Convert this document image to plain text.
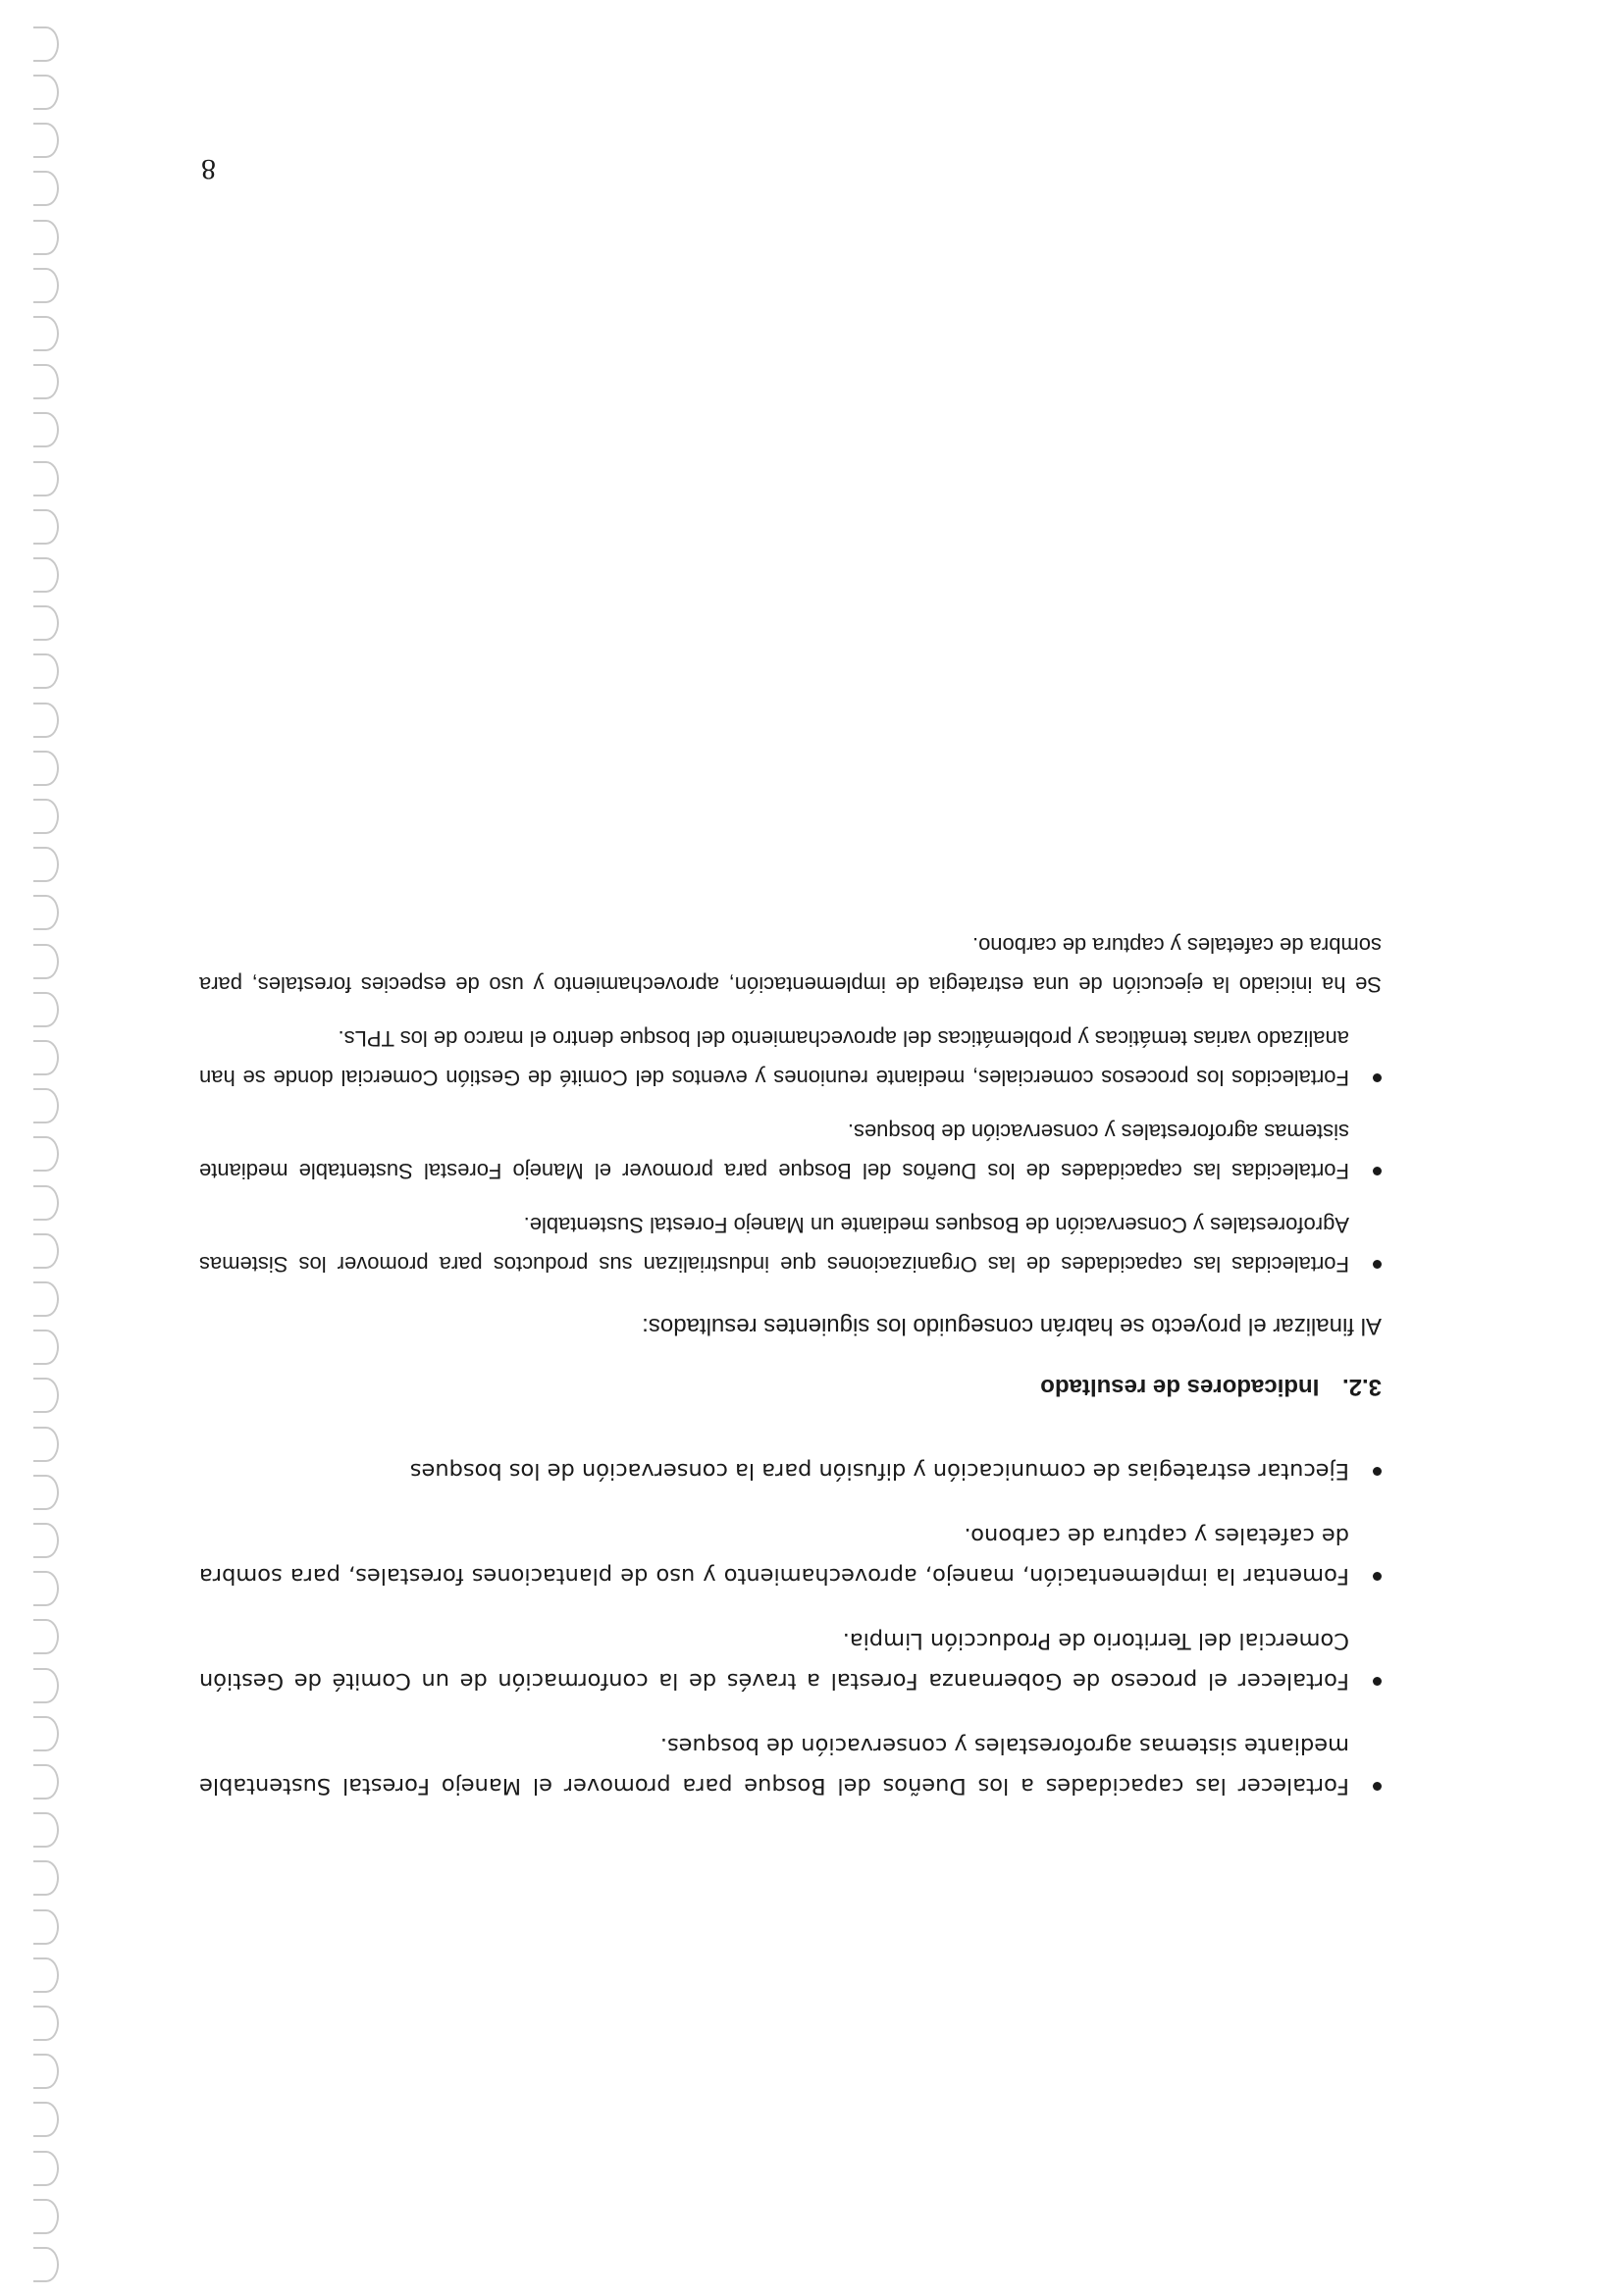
Fortalecer las capacidades a los Dueños del Bosque para promover el Manejo Forestal Sustentable mediante sistemas agroforestales y conservación de bosques.
Fortalecer el proceso de Gobernanza Forestal a través de la conformación de un Comité de Gestión Comercial del Territorio de Producción Limpia.
Fomentar la implementación, manejo, aprovechamiento y uso de plantaciones forestales, para sombra de cafetales y captura de carbono.
Ejecutar estrategias de comunicación y difusión para la conservación de los bosques
3.2. Indicadores de resultado

Al finalizar el proyecto se habrán conseguido los siguientes resultados:

Fortalecidas las capacidades de las Organizaciones que industrializan sus productos para promover los Sistemas Agroforestales y Conservación de Bosques mediante un Manejo Forestal Sustentable.
Fortalecidas las capacidades de los Dueños del Bosque para promover el Manejo Forestal Sustentable mediante sistemas agroforestales y conservación de bosques.
Fortalecidos los procesos comerciales, mediante reuniones y eventos del Comité de Gestión Comercial donde se han analizado varias temáticas y problemáticas del aprovechamiento del bosque dentro el marco de los TPLs.

Se ha iniciado la ejecución de una estrategia de implementación, aprovechamiento y uso de especies forestales, para sombra de cafetales y captura de carbono.

8
